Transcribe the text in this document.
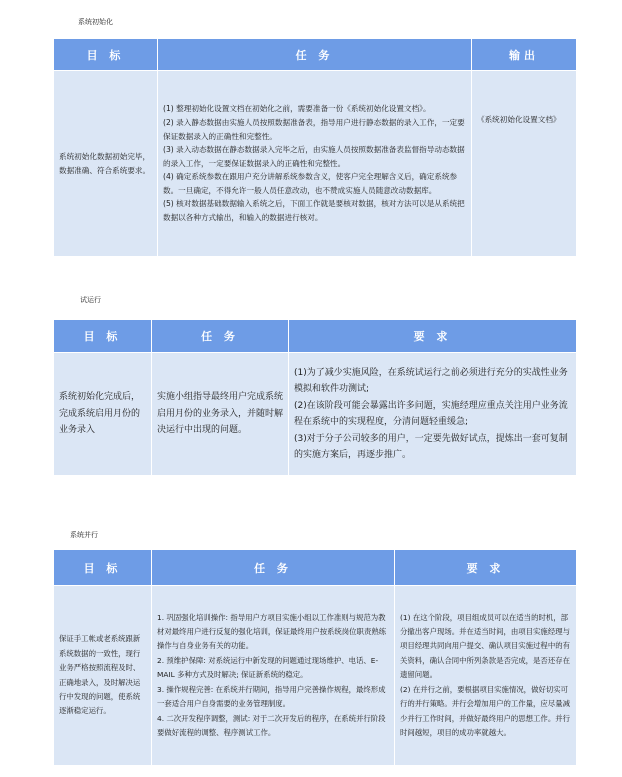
系统初始化
目 标	任 务	输出
系统初始化数据初始完毕，数据准确、符合系统要求。	(1) 整理初始化设置文档在初始化之前，需要准备一份《系统初始化设置文档》。
(2) 录入静态数据由实施人员按照数据准备表，指导用户进行静态数据的录入工作，一定要保证数据录入的正确性和完整性。
(3) 录入动态数据在静态数据录入完毕之后，由实施人员按照数据准备表监督指导动态数据的录入工作，一定要保证数据录入的正确性和完整性。
(4) 确定系统参数在跟用户充分讲解系统参数含义，使客户完全理解含义后，确定系统参数。一旦确定，不得允许一般人员任意改动，也不赞成实施人员随意改动数据库。
(5) 核对数据基础数据输入系统之后，下面工作就是要核对数据，核对方法可以是从系统把数据以各种方式输出，和输入的数据进行核对。	《系统初始化设置文档》
试运行
目 标	任 务	要 求
系统初始化完成后，完成系统启用月份的业务录入	实施小组指导最终用户完成系统启用月份的业务录入，并随时解决运行中出现的问题。	(1)为了减少实施风险，在系统试运行之前必须进行充分的实战性业务模拟和软件功测试;
(2)在该阶段可能会暴露出许多问题，实施经理应重点关注用户业务流程在系统中的实现程度，分清问题轻重缓急;
(3)对于分子公司较多的用户，一定要先做好试点，提炼出一套可复制的实施方案后，再逐步推广。
系统并行
目 标	任 务	要 求
保证手工帐或老系统跟新系统数据的一致性，现行业务严格按照流程及时、正确地录入，及时解决运行中发现的问题，使系统逐渐稳定运行。	1. 巩固强化培训操作: 指导用户方项目实施小组以工作准则与规范为教材对最终用户进行反复的强化培训，保证最终用户按系统岗位职责熟练操作与自身业务有关的功能。
2. 预维护保障: 对系统运行中新发现的问题通过现场维护、电话、E-MAIL 多种方式及时解决; 保证新系统的稳定。
3. 操作规程完善: 在系统并行期间，指导用户完善操作规程，最终形成一套适合用户自身需要的业务管理制度。
4. 二次开发程序调整，测试: 对于二次开发后的程序，在系统并行阶段要做好流程的调整、程序测试工作。	(1) 在这个阶段，项目组成员可以在适当的时机，部分撤出客户现场。并在适当时间，由项目实施经理与项目经理共同向用户提交、确认项目实施过程中的有关资料，确认合同中所列条款是否完成，是否还存在遗留问题。
(2) 在并行之前，要根据项目实施情况，做好切实可行的并行策略。并行会增加用户的工作量，应尽量减少并行工作时间，并做好最终用户的思想工作。并行时间越短，项目的成功率就越大。
